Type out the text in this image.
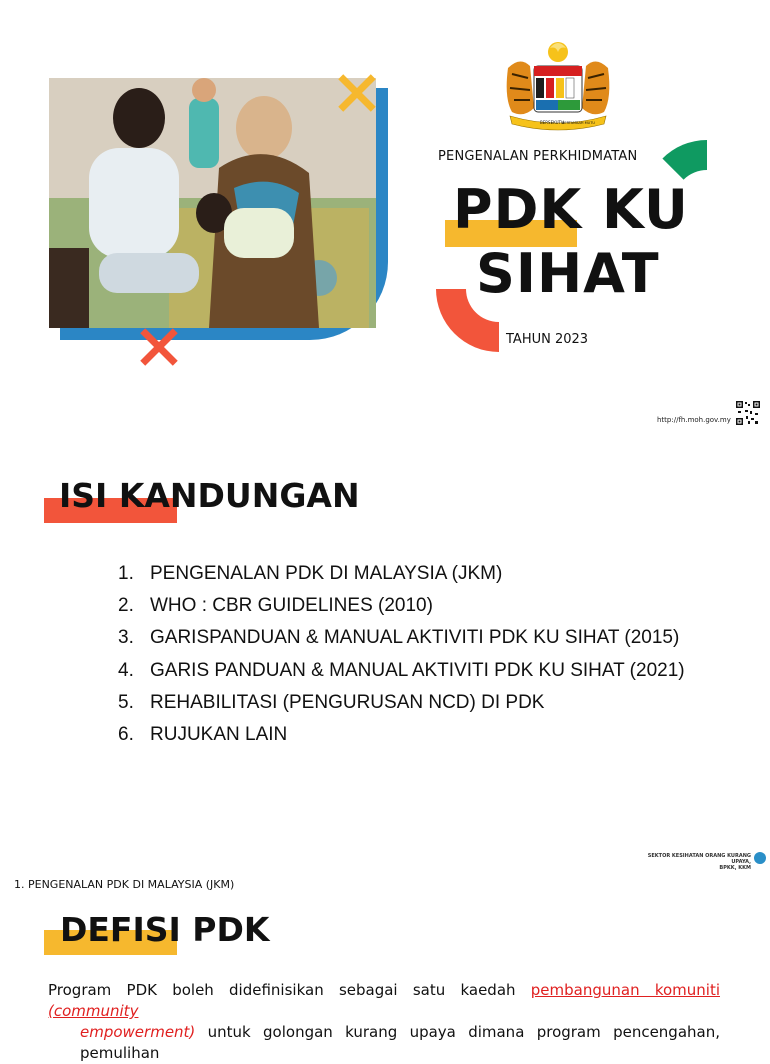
BERSEKUTU
BERTAMBAH MUTU
PENGENALAN PERKHIDMATAN
PDK KU
SIHAT
TAHUN 2023
http://fh.moh.gov.my
ISI KANDUNGAN
1. PENGENALAN PDK DI MALAYSIA (JKM)
2. WHO : CBR GUIDELINES (2010)
3. GARISPANDUAN & MANUAL AKTIVITI PDK KU SIHAT (2015)
4. GARIS PANDUAN & MANUAL AKTIVITI PDK KU SIHAT (2021)
5. REHABILITASI (PENGURUSAN NCD) DI PDK
6. RUJUKAN LAIN
SEKTOR KESIHATAN ORANG KURANG UPAYA,
BPKK, KKM
1. PENGENALAN PDK DI MALAYSIA (JKM)
DEFISI PDK

Program PDK boleh didefinisikan sebagai satu kaedah pembangunan komuniti (community
empowerment) untuk golongan kurang upaya dimana program pencengahan, pemulihan
